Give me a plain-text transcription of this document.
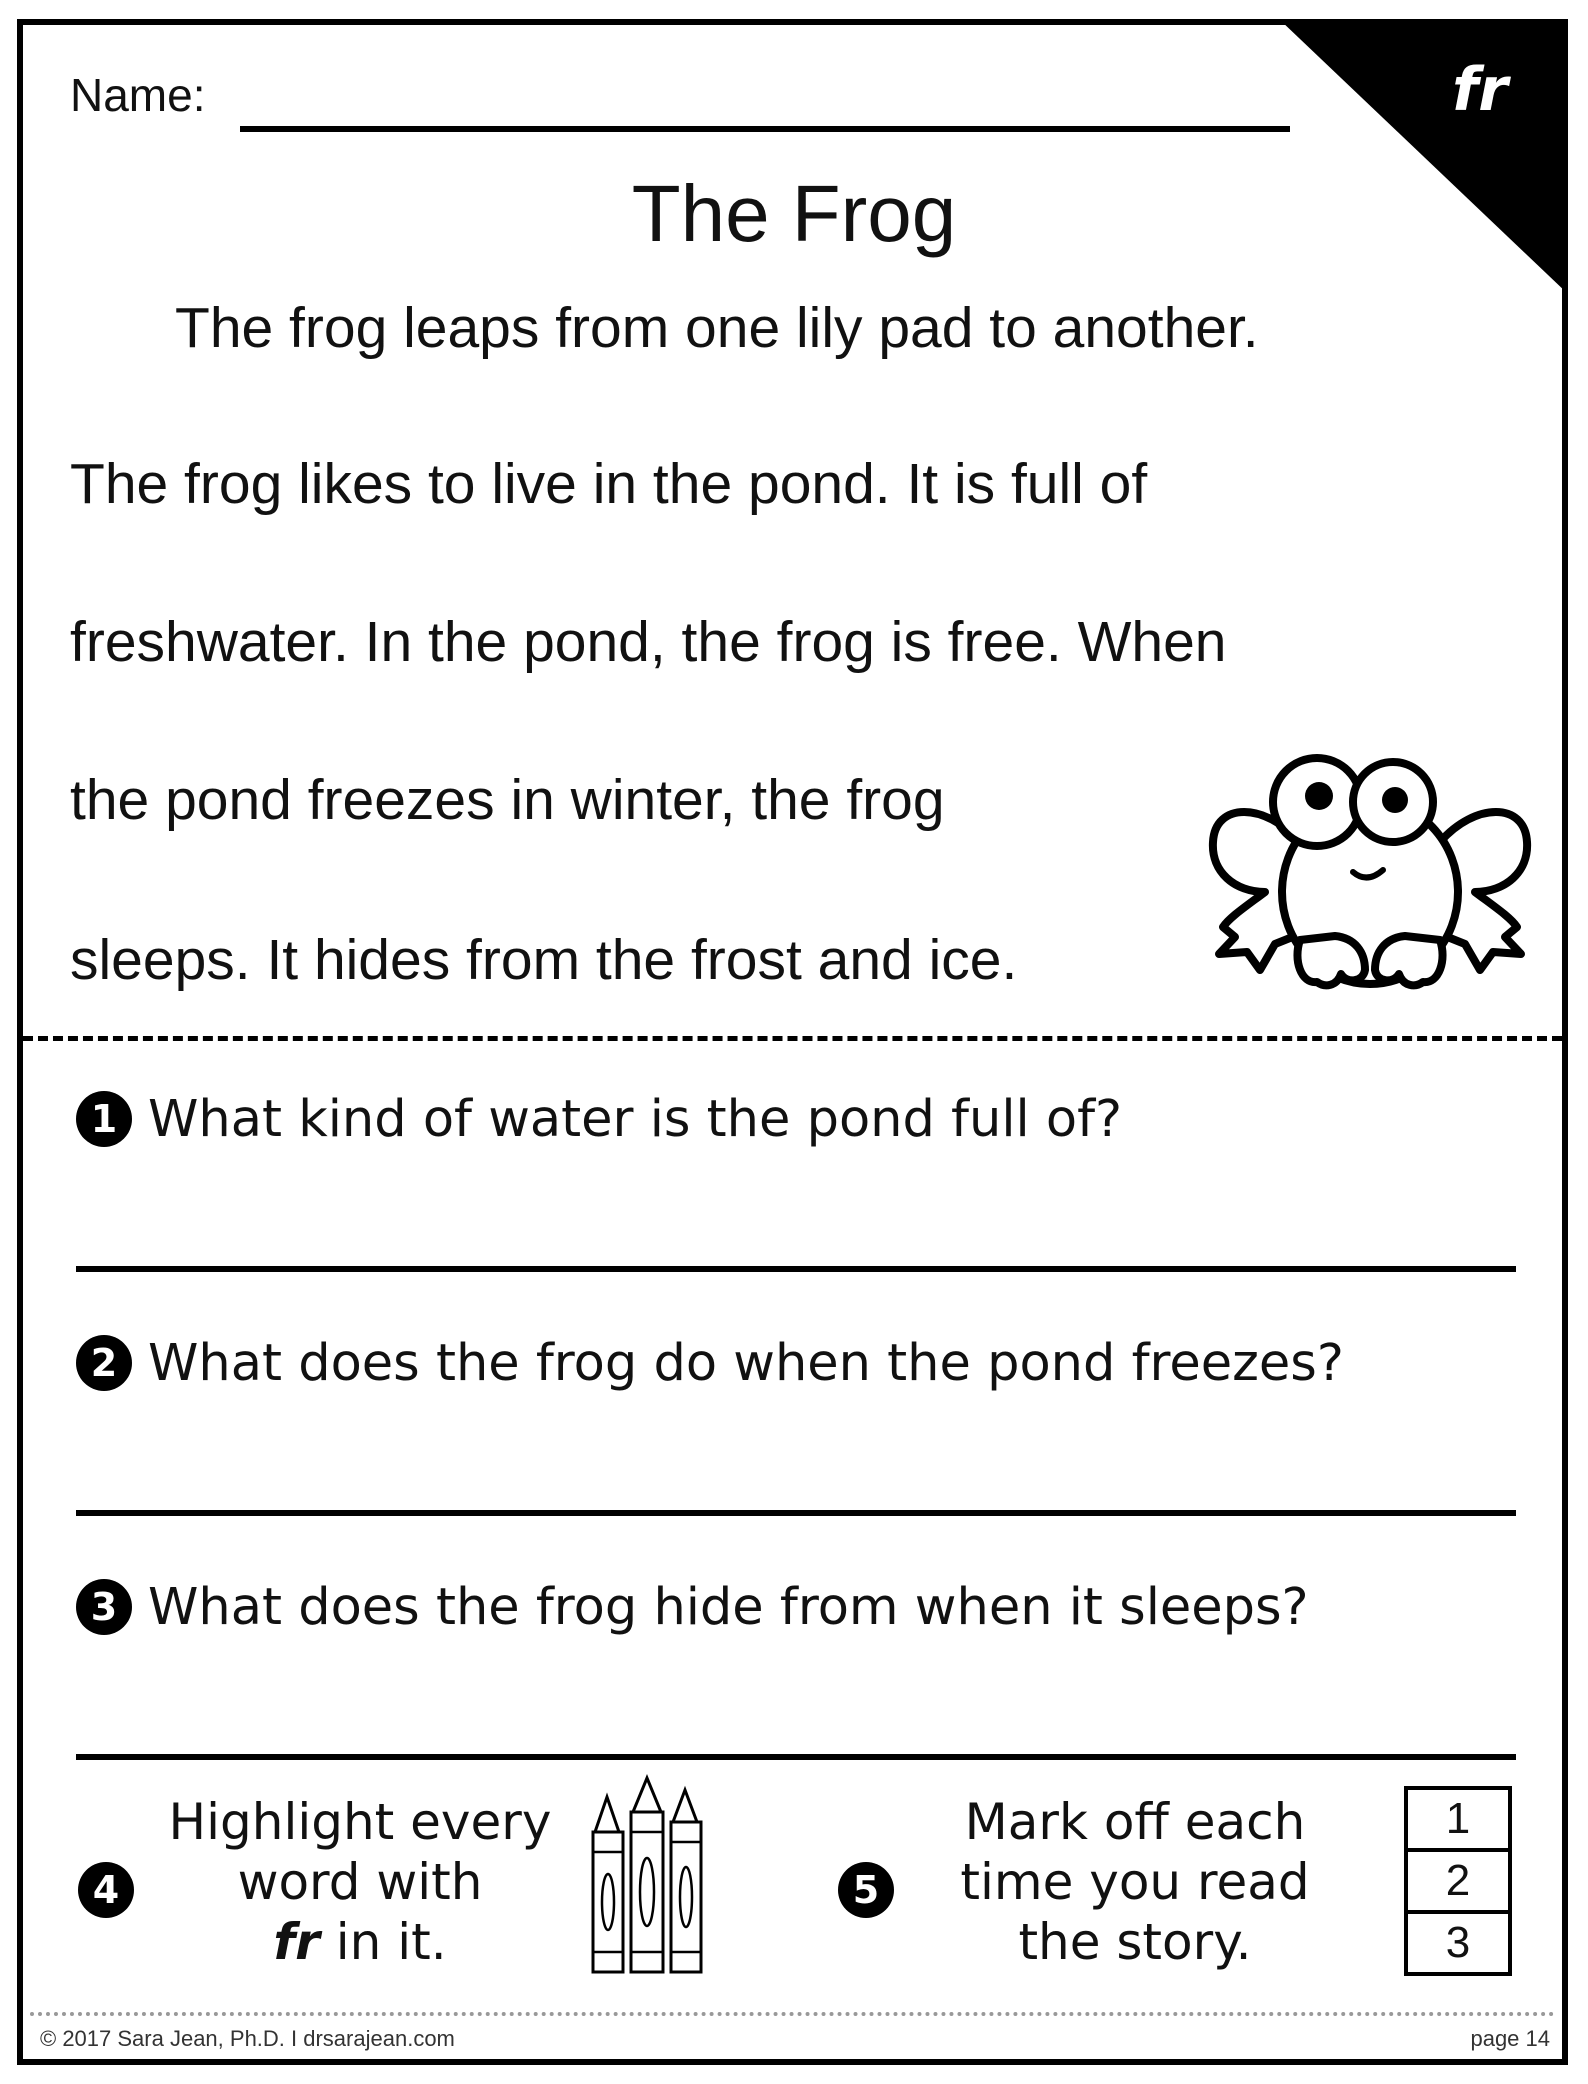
fr
Name:
The Frog
The frog leaps from one lily pad to another.
The frog likes to live in the pond. It is full of
freshwater. In the pond, the frog is free. When
the pond freezes in winter, the frog
sleeps. It hides from the frost and ice.
1 What kind of water is the pond full of?
2 What does the frog do when the pond freezes?
3 What does the frog hide from when it sleeps?
4
Highlight every
word with
fr in it.
5
Mark off each
time you read
the story.
1
2
3
© 2017 Sara Jean, Ph.D. I drsarajean.com	page 14
